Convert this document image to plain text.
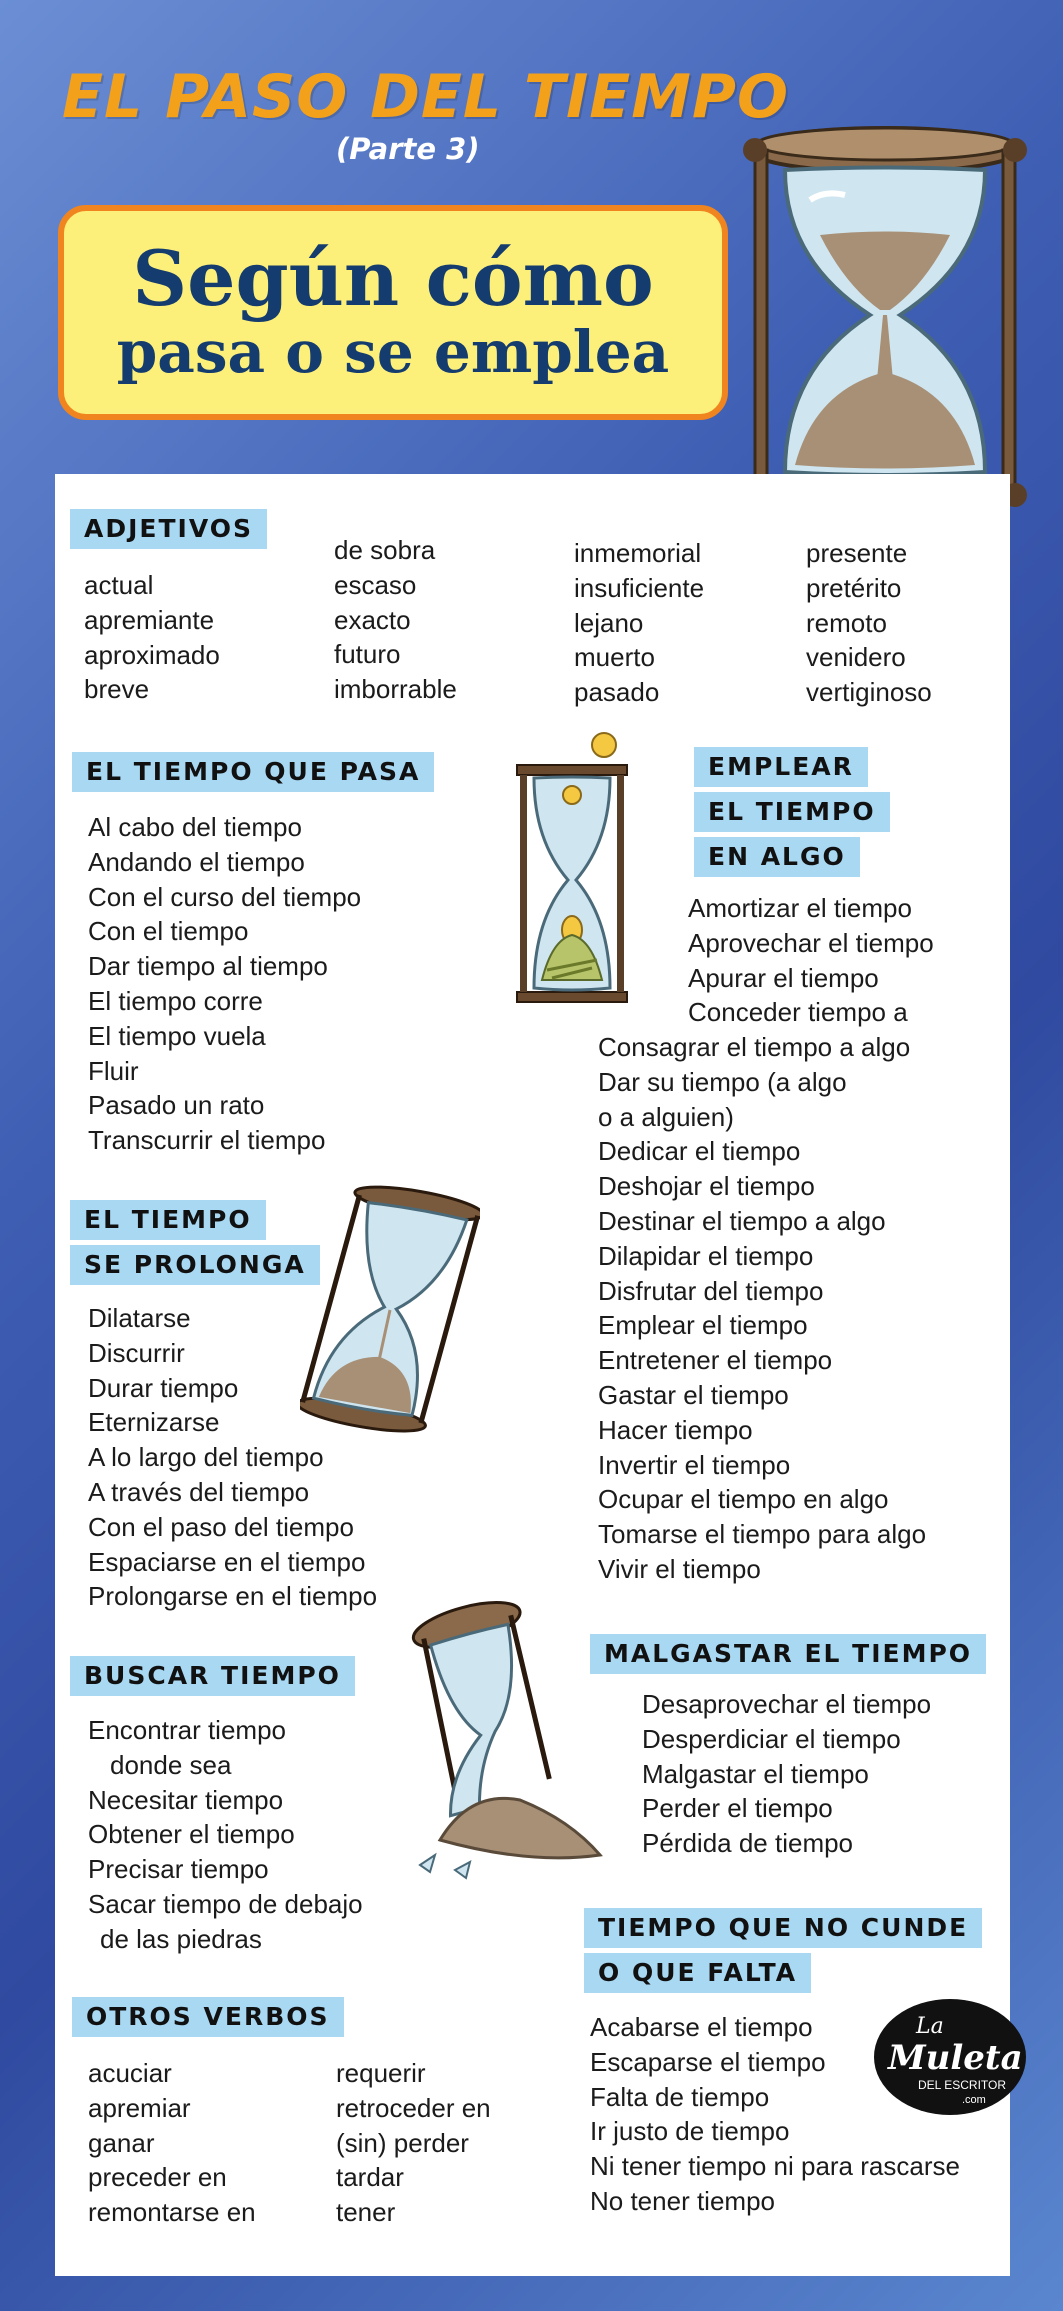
EL PASO DEL TIEMPO
(Parte 3)
Según cómo
pasa o se emplea
ADJETIVOS
actual
apremiante
aproximado
breve
de sobra
escaso
exacto
futuro
imborrable
inmemorial
insuficiente
lejano
muerto
pasado
presente
pretérito
remoto
venidero
vertiginoso
EL TIEMPO QUE PASA
Al cabo del tiempo
Andando el tiempo
Con el curso del tiempo
Con el tiempo
Dar tiempo al tiempo
El tiempo corre
El tiempo vuela
Fluir
Pasado un rato
Transcurrir el tiempo
EMPLEAR
EL TIEMPO
EN ALGO
Amortizar el tiempo
Aprovechar el tiempo
Apurar el tiempo
Conceder tiempo a
Consagrar el tiempo a algo
Dar su tiempo (a algo
o a alguien)
Dedicar el tiempo
Deshojar el tiempo
Destinar el tiempo a algo
Dilapidar el tiempo
Disfrutar del tiempo
Emplear el tiempo
Entretener el tiempo
Gastar el tiempo
Hacer tiempo
Invertir el tiempo
Ocupar el tiempo en algo
Tomarse el tiempo para algo
Vivir el tiempo
EL TIEMPO
SE PROLONGA
Dilatarse
Discurrir
Durar tiempo
Eternizarse
A lo largo del tiempo
A través del tiempo
Con el paso del tiempo
Espaciarse en el tiempo
Prolongarse en el tiempo
BUSCAR TIEMPO
Encontrar tiempo
donde sea
Necesitar tiempo
Obtener el tiempo
Precisar tiempo
Sacar tiempo de debajo
de las piedras
MALGASTAR EL TIEMPO
Desaprovechar el tiempo
Desperdiciar el tiempo
Malgastar el tiempo
Perder el tiempo
Pérdida de tiempo
TIEMPO QUE NO CUNDE
O QUE FALTA
Acabarse el tiempo
Escaparse el tiempo
Falta de tiempo
Ir justo de tiempo
Ni tener tiempo ni para rascarse
No tener tiempo
OTROS VERBOS
acuciar
apremiar
ganar
preceder en
remontarse en
requerir
retroceder en
(sin) perder
tardar
tener
La
Muleta
DEL ESCRITOR
.com
